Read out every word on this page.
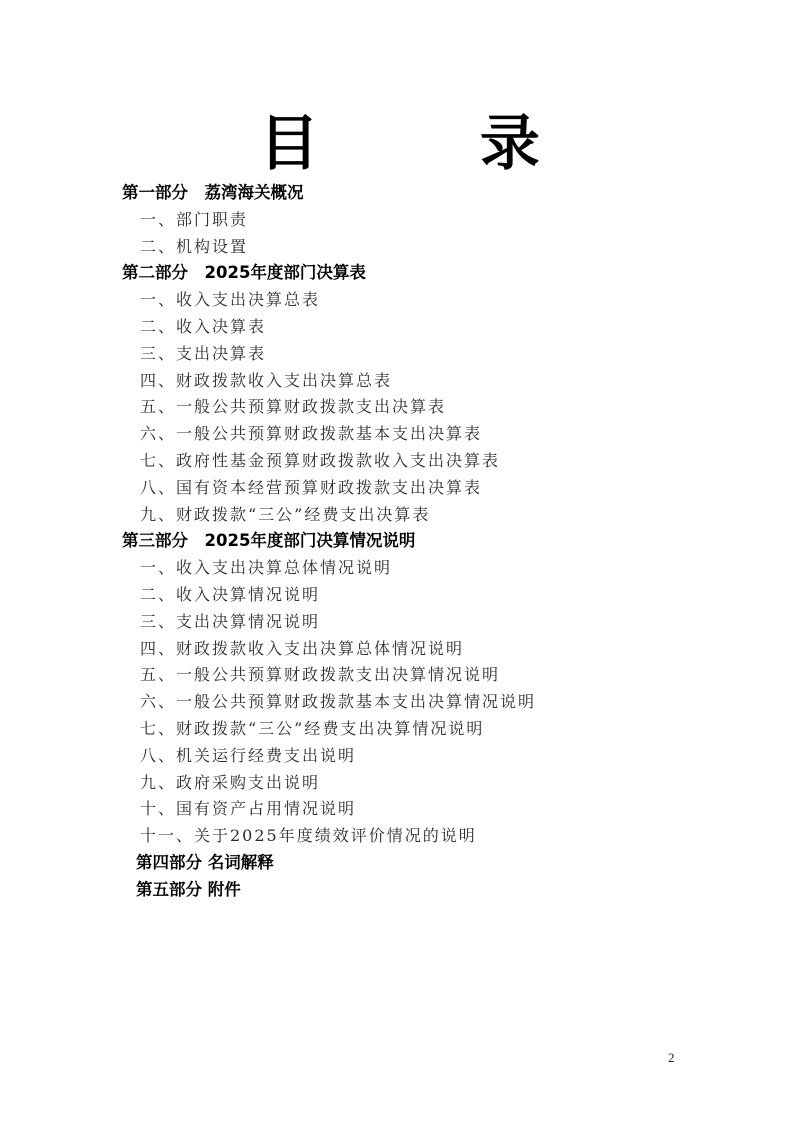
目 录
第一部分　荔湾海关概况
一、部门职责
二、机构设置
第二部分　2025年度部门决算表
一、收入支出决算总表
二、收入决算表
三、支出决算表
四、财政拨款收入支出决算总表
五、一般公共预算财政拨款支出决算表
六、一般公共预算财政拨款基本支出决算表
七、政府性基金预算财政拨款收入支出决算表
八、国有资本经营预算财政拨款支出决算表
九、财政拨款“三公”经费支出决算表
第三部分　2025年度部门决算情况说明
一、收入支出决算总体情况说明
二、收入决算情况说明
三、支出决算情况说明
四、财政拨款收入支出决算总体情况说明
五、一般公共预算财政拨款支出决算情况说明
六、一般公共预算财政拨款基本支出决算情况说明
七、财政拨款“三公”经费支出决算情况说明
八、机关运行经费支出说明
九、政府采购支出说明
十、国有资产占用情况说明
十一、关于2025年度绩效评价情况的说明
第四部分 名词解释
第五部分 附件
2
